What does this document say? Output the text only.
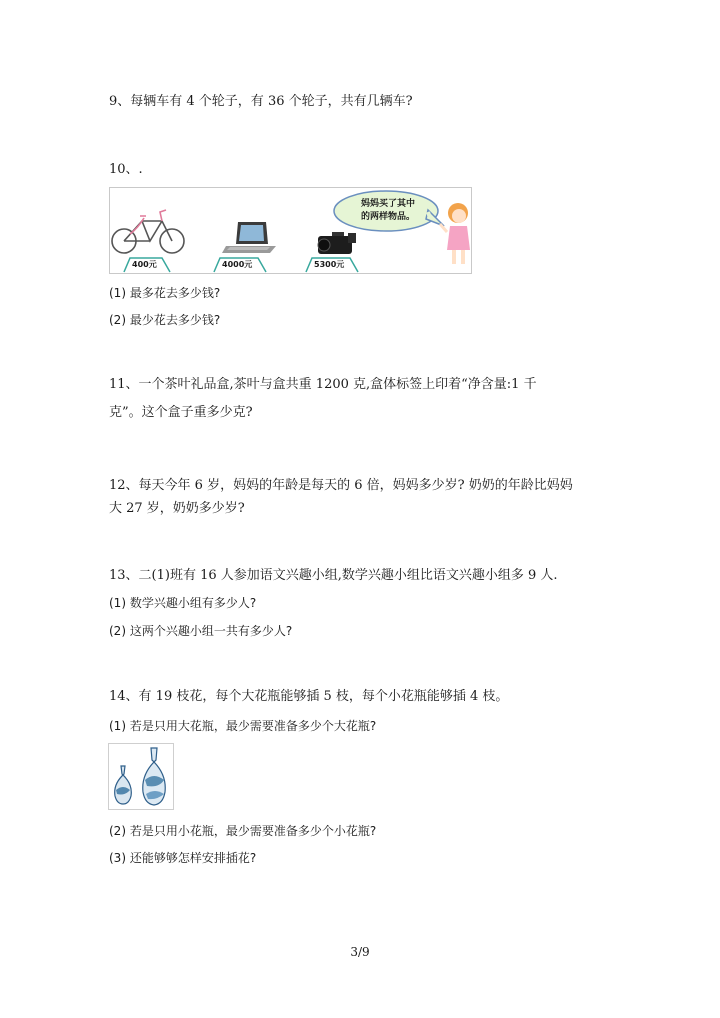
9、每辆车有 4 个轮子，有 36 个轮子，共有几辆车?
10、.
妈妈买了其中
的两样物品。
400元	4000元	5300元
(1) 最多花去多少钱?
(2) 最少花去多少钱?
11、一个茶叶礼品盒,茶叶与盒共重 1200 克,盒体标签上印着“净含量:1 千
克”。这个盒子重多少克?
12、每天今年 6 岁，妈妈的年龄是每天的 6 倍，妈妈多少岁? 奶奶的年龄比妈妈
大 27 岁，奶奶多少岁?
13、二(1)班有 16 人参加语文兴趣小组,数学兴趣小组比语文兴趣小组多 9 人.
(1) 数学兴趣小组有多少人?
(2) 这两个兴趣小组一共有多少人?
14、有 19 枝花，每个大花瓶能够插 5 枝，每个小花瓶能够插 4 枝。
(1) 若是只用大花瓶，最少需要准备多少个大花瓶?
(2) 若是只用小花瓶，最少需要准备多少个小花瓶?
(3) 还能够够怎样安排插花?
3/9
